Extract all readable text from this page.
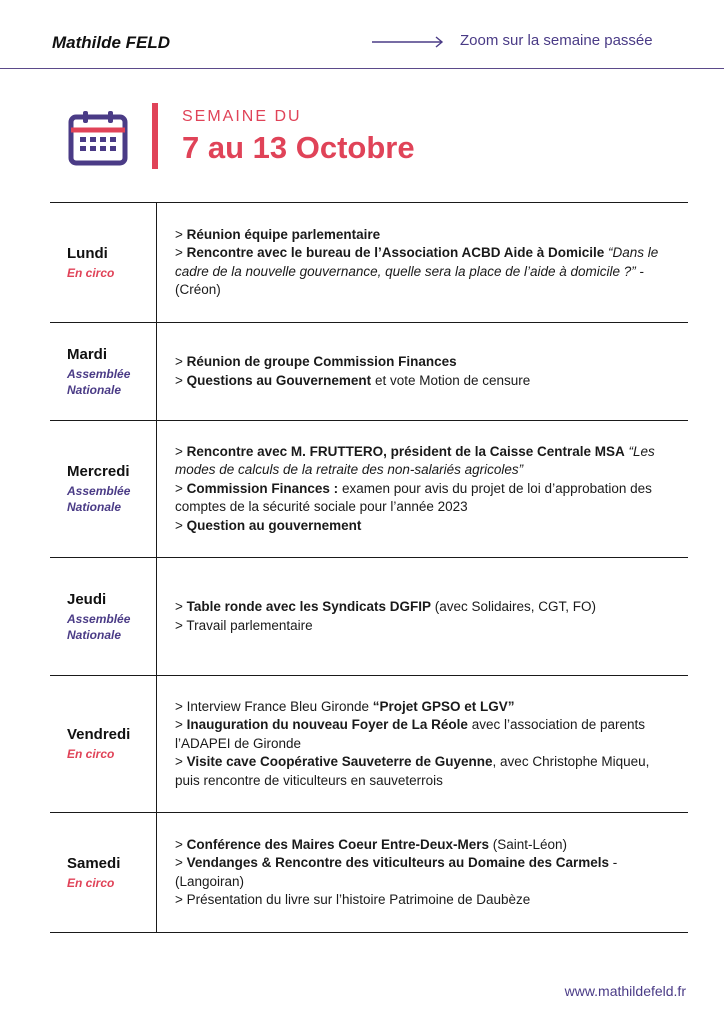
Mathilde FELD	Zoom sur la semaine passée
SEMAINE DU
7 au 13 Octobre
Lundi
En circo

> Réunion équipe parlementaire

> Rencontre avec le bureau de l’Association ACBD Aide à Domicile “Dans le cadre de la nouvelle gouvernance, quelle sera la place de l’aide à domicile ?” - (Créon)

Mardi
Assemblée Nationale

> Réunion de groupe Commission Finances

> Questions au Gouvernement et vote Motion de censure

Mercredi
Assemblée Nationale

> Rencontre avec M. FRUTTERO, président de la Caisse Centrale MSA “Les modes de calculs de la retraite des non-salariés agricoles”

> Commission Finances : examen pour avis du projet de loi d’approbation des comptes de la sécurité sociale pour l’année 2023

> Question au gouvernement

Jeudi
Assemblée Nationale

> Table ronde avec les Syndicats DGFIP (avec Solidaires, CGT, FO)

> Travail parlementaire

Vendredi
En circo

> Interview France Bleu Gironde “Projet GPSO et LGV”

> Inauguration du nouveau Foyer de La Réole avec l’association de parents l’ADAPEI de Gironde

> Visite cave Coopérative Sauveterre de Guyenne, avec Christophe Miqueu, puis rencontre de viticulteurs en sauveterrois

Samedi
En circo

> Conférence des Maires Coeur Entre-Deux-Mers (Saint-Léon)

> Vendanges & Rencontre des viticulteurs au Domaine des Carmels - (Langoiran)

> Présentation du livre sur l’histoire Patrimoine de Daubèze

www.mathildefeld.fr
